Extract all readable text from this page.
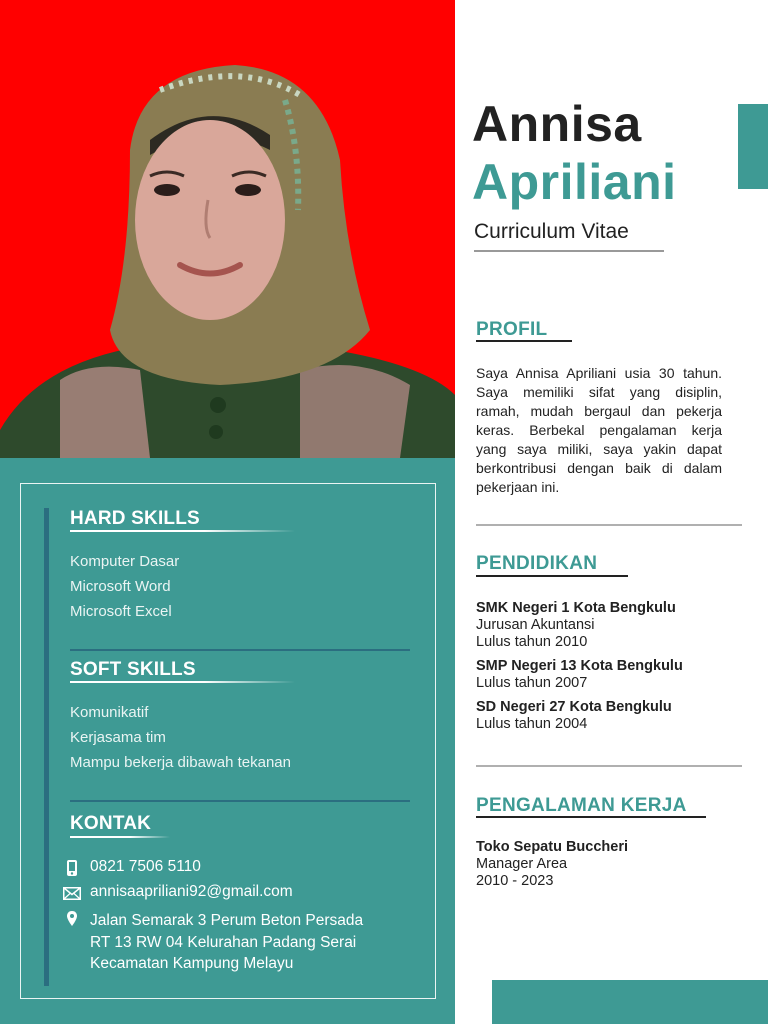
HARD SKILLS
Komputer Dasar
Microsoft Word
Microsoft Excel
SOFT SKILLS
Komunikatif
Kerjasama tim
Mampu bekerja dibawah tekanan
KONTAK
0821 7506 5110
annisaapriliani92@gmail.com
Jalan Semarak 3 Perum Beton Persada
RT 13 RW 04 Kelurahan Padang Serai
Kecamatan Kampung Melayu
Annisa
Apriliani
Curriculum Vitae
PROFIL
Saya Annisa Apriliani usia 30 tahun. Saya memiliki sifat yang disiplin, ramah, mudah bergaul dan pekerja keras. Berbekal pengalaman kerja yang saya miliki, saya yakin dapat berkontribusi dengan baik di dalam pekerjaan ini.
PENDIDIKAN
SMK Negeri 1 Kota Bengkulu
Jurusan Akuntansi
Lulus tahun 2010
SMP Negeri 13 Kota Bengkulu
Lulus tahun 2007
SD Negeri 27 Kota Bengkulu
Lulus tahun 2004
PENGALAMAN KERJA
Toko Sepatu Buccheri
Manager Area
2010 - 2023
